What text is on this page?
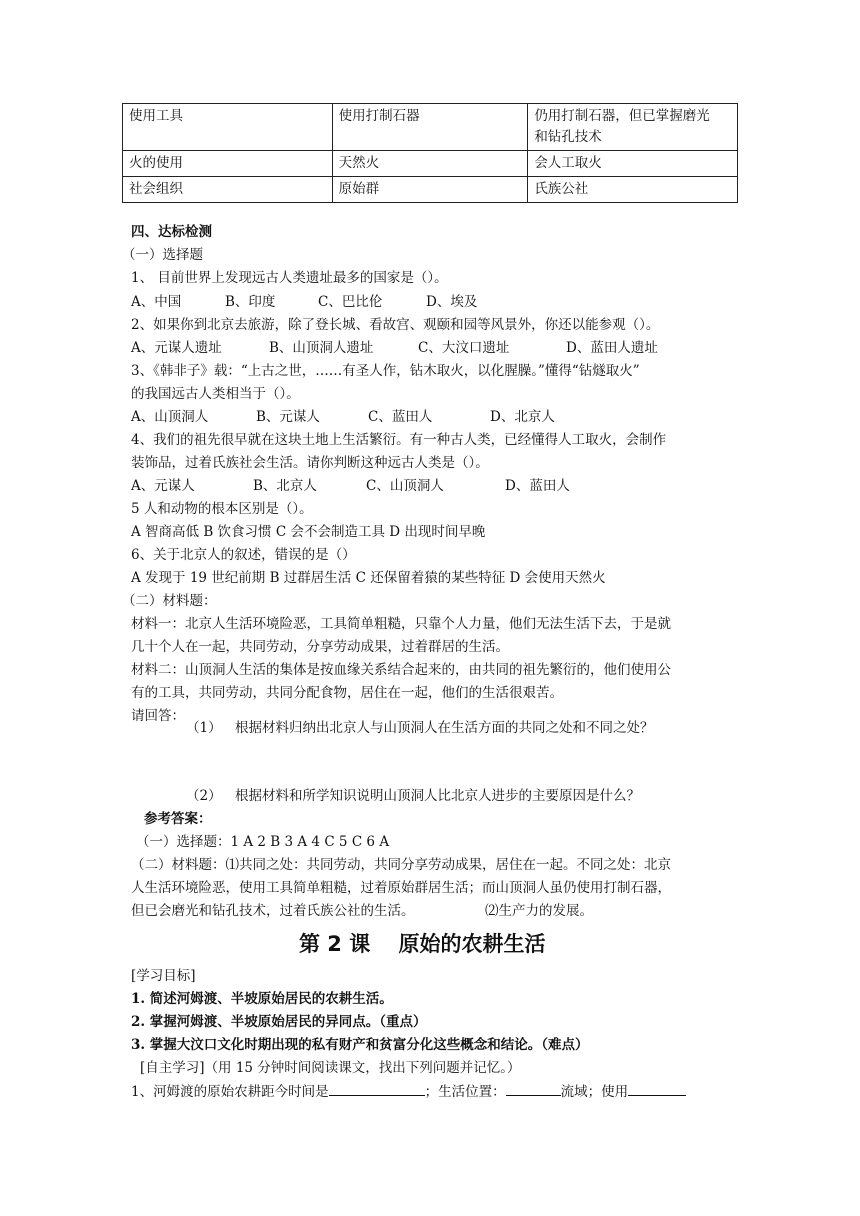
使用工具	使用打制石器	仍用打制石器，但已掌握磨光
和钻孔技术
火的使用	天然火	会人工取火
社会组织	原始群	氏族公社
四、达标检测
（一）选择题
1、 目前世界上发现远古人类遗址最多的国家是（）。
A、中国	B、印度	C、巴比伦	D、埃及
2、如果你到北京去旅游，除了登长城、看故宫、观颐和园等风景外，你还以能参观（）。
A、元谋人遗址	B、山顶洞人遗址	C、大汶口遗址	D、蓝田人遗址
3、《韩非子》载：“上古之世，……有圣人作，钻木取火，以化腥臊。”懂得“钻燧取火”
的我国远古人类相当于（）。
A、山顶洞人	B、元谋人	C、蓝田人	D、北京人
4、我们的祖先很早就在这块土地上生活繁衍。有一种古人类，已经懂得人工取火，会制作
装饰品，过着氏族社会生活。请你判断这种远古人类是（）。
A、元谋人	B、北京人	C、山顶洞人	D、蓝田人
5 人和动物的根本区别是（）。
A 智商高低 B 饮食习惯 C 会不会制造工具 D 出现时间早晚
6、关于北京人的叙述，错误的是（）
A 发现于 19 世纪前期 B 过群居生活 C 还保留着猿的某些特征 D 会使用天然火
（二）材料题：
材料一：北京人生活环境险恶，工具简单粗糙，只靠个人力量，他们无法生活下去，于是就
几十个人在一起，共同劳动，分享劳动成果，过着群居的生活。
材料二：山顶洞人生活的集体是按血缘关系结合起来的，由共同的祖先繁衍的，他们使用公
有的工具，共同劳动，共同分配食物，居住在一起，他们的生活很艰苦。
请回答：
（1） 根据材料归纳出北京人与山顶洞人在生活方面的共同之处和不同之处？
（2） 根据材料和所学知识说明山顶洞人比北京人进步的主要原因是什么？
参考答案：
（一）选择题：1 A 2 B 3 A 4 C 5 C 6 A
（二）材料题：⑴共同之处：共同劳动，共同分享劳动成果，居住在一起。不同之处：北京
人生活环境险恶，使用工具简单粗糙，过着原始群居生活；而山顶洞人虽仍使用打制石器，
但已会磨光和钻孔技术，过着氏族公社的生活。	⑵生产力的发展。
第 2 课　 原始的农耕生活
[学习目标]
1. 简述河姆渡、半坡原始居民的农耕生活。
2. 掌握河姆渡、半坡原始居民的异同点。（重点）
3. 掌握大汶口文化时期出现的私有财产和贫富分化这些概念和结论。（难点）
[自主学习]（用 15 分钟时间阅读课文，找出下列问题并记忆。）
1、河姆渡的原始农耕距今时间是	；生活位置：	流域；使用
